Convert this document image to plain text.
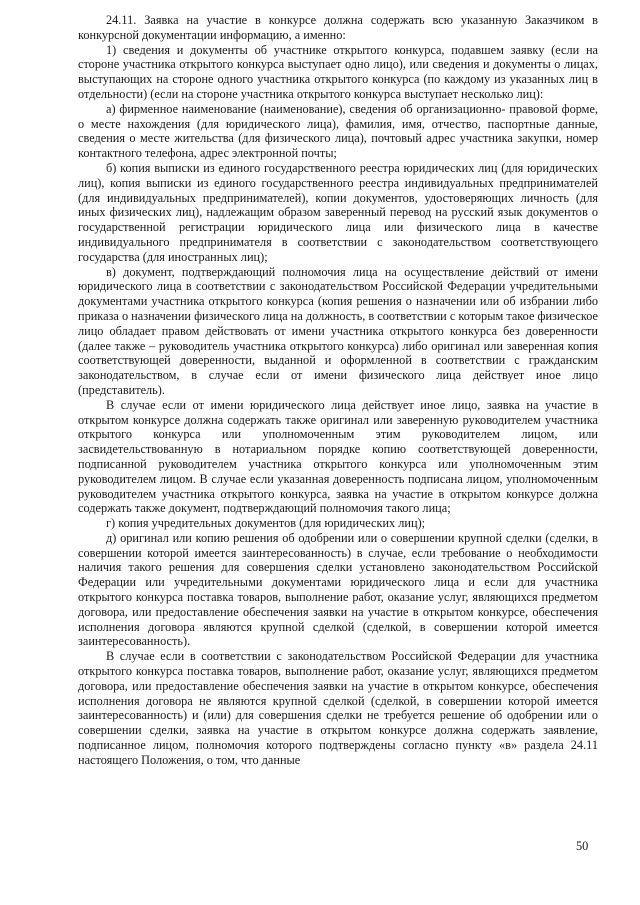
24.11. Заявка на участие в конкурсе должна содержать всю указанную Заказчиком в конкурсной документации информацию, а именно:

1) сведения и документы об участнике открытого конкурса, подавшем заявку (если на стороне участника открытого конкурса выступает одно лицо), или сведения и документы о лицах, выступающих на стороне одного участника открытого конкурса (по каждому из указанных лиц в отдельности) (если на стороне участника открытого конкурса выступает несколько лиц):

а) фирменное наименование (наименование), сведения об организационно- правовой форме, о месте нахождения (для юридического лица), фамилия, имя, отчество, паспортные данные, сведения о месте жительства (для физического лица), почтовый адрес участника закупки, номер контактного телефона, адрес электронной почты;

б) копия выписки из единого государственного реестра юридических лиц (для юридических лиц), копия выписки из единого государственного реестра индивидуальных предпринимателей (для индивидуальных предпринимателей), копии документов, удостоверяющих личность (для иных физических лиц), надлежащим образом заверенный перевод на русский язык документов о государственной регистрации юридического лица или физического лица в качестве индивидуального предпринимателя в соответствии с законодательством соответствующего государства (для иностранных лиц);

в) документ, подтверждающий полномочия лица на осуществление действий от имени юридического лица в соответствии с законодательством Российской Федерации учредительными документами участника открытого конкурса (копия решения о назначении или об избрании либо приказа о назначении физического лица на должность, в соответствии с которым такое физическое лицо обладает правом действовать от имени участника открытого конкурса без доверенности (далее также – руководитель участника открытого конкурса) либо оригинал или заверенная копия соответствующей доверенности, выданной и оформленной в соответствии с гражданским законодательством, в случае если от имени физического лица действует иное лицо (представитель).

В случае если от имени юридического лица действует иное лицо, заявка на участие в открытом конкурсе должна содержать также оригинал или заверенную руководителем участника открытого конкурса или уполномоченным этим руководителем лицом, или засвидетельствованную в нотариальном порядке копию соответствующей доверенности, подписанной руководителем участника открытого конкурса или уполномоченным этим руководителем лицом. В случае если указанная доверенность подписана лицом, уполномоченным руководителем участника открытого конкурса, заявка на участие в открытом конкурсе должна содержать также документ, подтверждающий полномочия такого лица;

г) копия учредительных документов (для юридических лиц);

д) оригинал или копию решения об одобрении или о совершении крупной сделки (сделки, в совершении которой имеется заинтересованность) в случае, если требование о необходимости наличия такого решения для совершения сделки установлено законодательством Российской Федерации или учредительными документами юридического лица и если для участника открытого конкурса поставка товаров, выполнение работ, оказание услуг, являющихся предметом договора, или предоставление обеспечения заявки на участие в открытом конкурсе, обеспечения исполнения договора являются крупной сделкой (сделкой, в совершении которой имеется заинтересованность).

В случае если в соответствии с законодательством Российской Федерации для участника открытого конкурса поставка товаров, выполнение работ, оказание услуг, являющихся предметом договора, или предоставление обеспечения заявки на участие в открытом конкурсе, обеспечения исполнения договора не являются крупной сделкой (сделкой, в совершении которой имеется заинтересованность) и (или) для совершения сделки не требуется решение об одобрении или о совершении сделки, заявка на участие в открытом конкурсе должна содержать заявление, подписанное лицом, полномочия которого подтверждены согласно пункту «в» раздела 24.11 настоящего Положения, о том, что данные

50
